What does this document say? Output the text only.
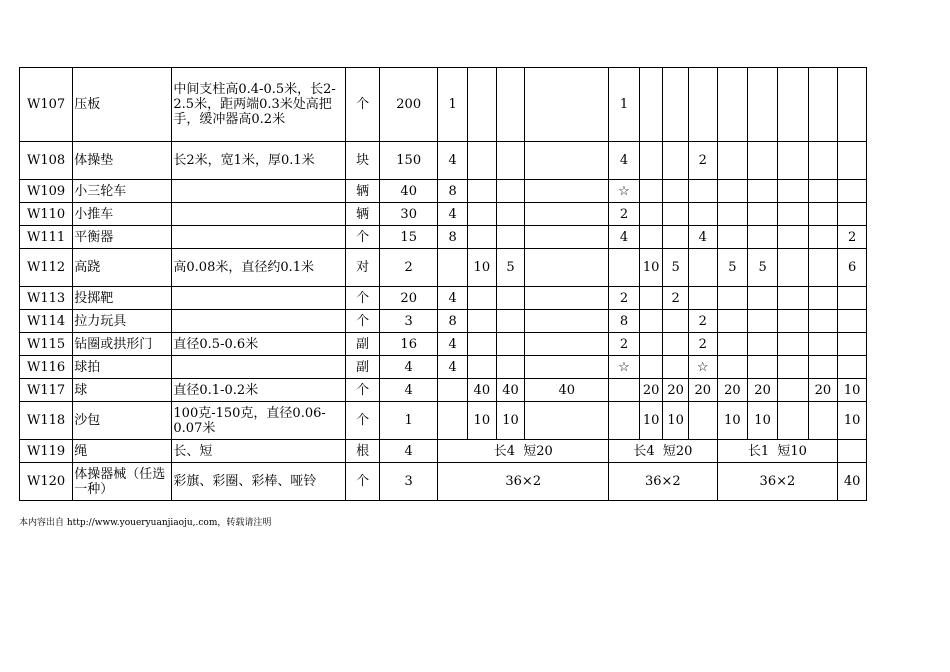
W107	压板	中间支柱高0.4-0.5米，长2-2.5米，距两端0.3米处高把手，缓冲器高0.2米	个	200	1				1								
W108	体操垫	长2米，宽1米，厚0.1米	块	150	4				4			2					
W109	小三轮车		辆	40	8				☆								
W110	小推车		辆	30	4				2								
W111	平衡器		个	15	8				4			4					2
W112	高跷	高0.08米，直径约0.1米	对	2		10	5			10	5		5	5			6
W113	投掷靶		个	20	4				2		2						
W114	拉力玩具		个	3	8				8			2					
W115	钻圈或拱形门	直径0.5-0.6米	副	16	4				2			2					
W116	球拍		副	4	4				☆			☆					
W117	球	直径0.1-0.2米	个	4		40	40	40		20	20	20	20	20		20	10
W118	沙包	100克-150克，直径0.06-0.07米	个	1		10	10			10	10		10	10			10
W119	绳	长、短	根	4	长4  短20				长4  短20				长1  短10				
W120	体操器械（任选一种）	彩旗、彩圈、彩棒、哑铃	个	3	36×2				36×2				36×2				40
本内容出自 http://www.youeryuanjiaoju,.com，转载请注明
